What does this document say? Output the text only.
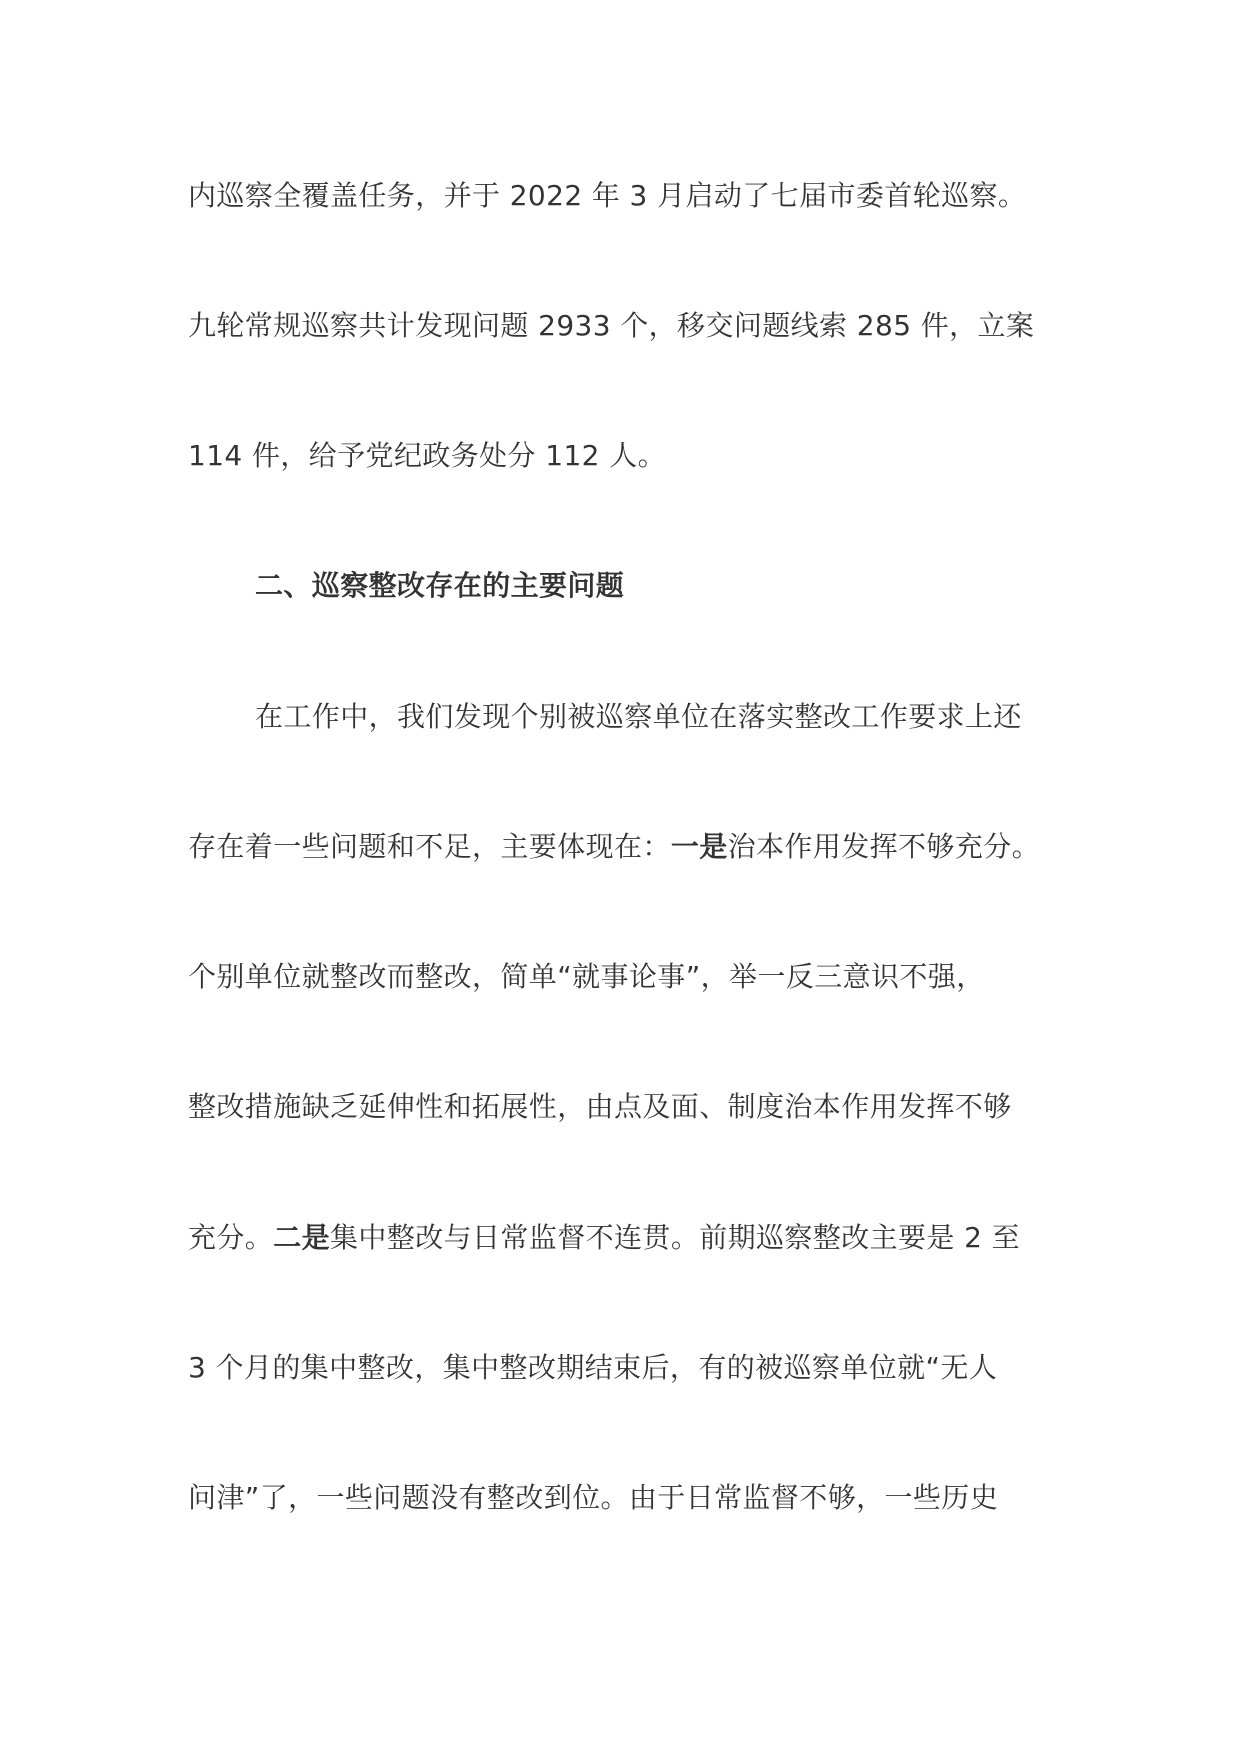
内巡察全覆盖任务，并于 2022 年 3 月启动了七届市委首轮巡察。
九轮常规巡察共计发现问题 2933 个，移交问题线索 285 件，立案
114 件，给予党纪政务处分 112 人。
二、巡察整改存在的主要问题
在工作中，我们发现个别被巡察单位在落实整改工作要求上还
存在着一些问题和不足，主要体现在：一是治本作用发挥不够充分。
个别单位就整改而整改，简单“就事论事”，举一反三意识不强，
整改措施缺乏延伸性和拓展性，由点及面、制度治本作用发挥不够
充分。二是集中整改与日常监督不连贯。前期巡察整改主要是 2 至
3 个月的集中整改，集中整改期结束后，有的被巡察单位就“无人
问津”了，一些问题没有整改到位。由于日常监督不够，一些历史
